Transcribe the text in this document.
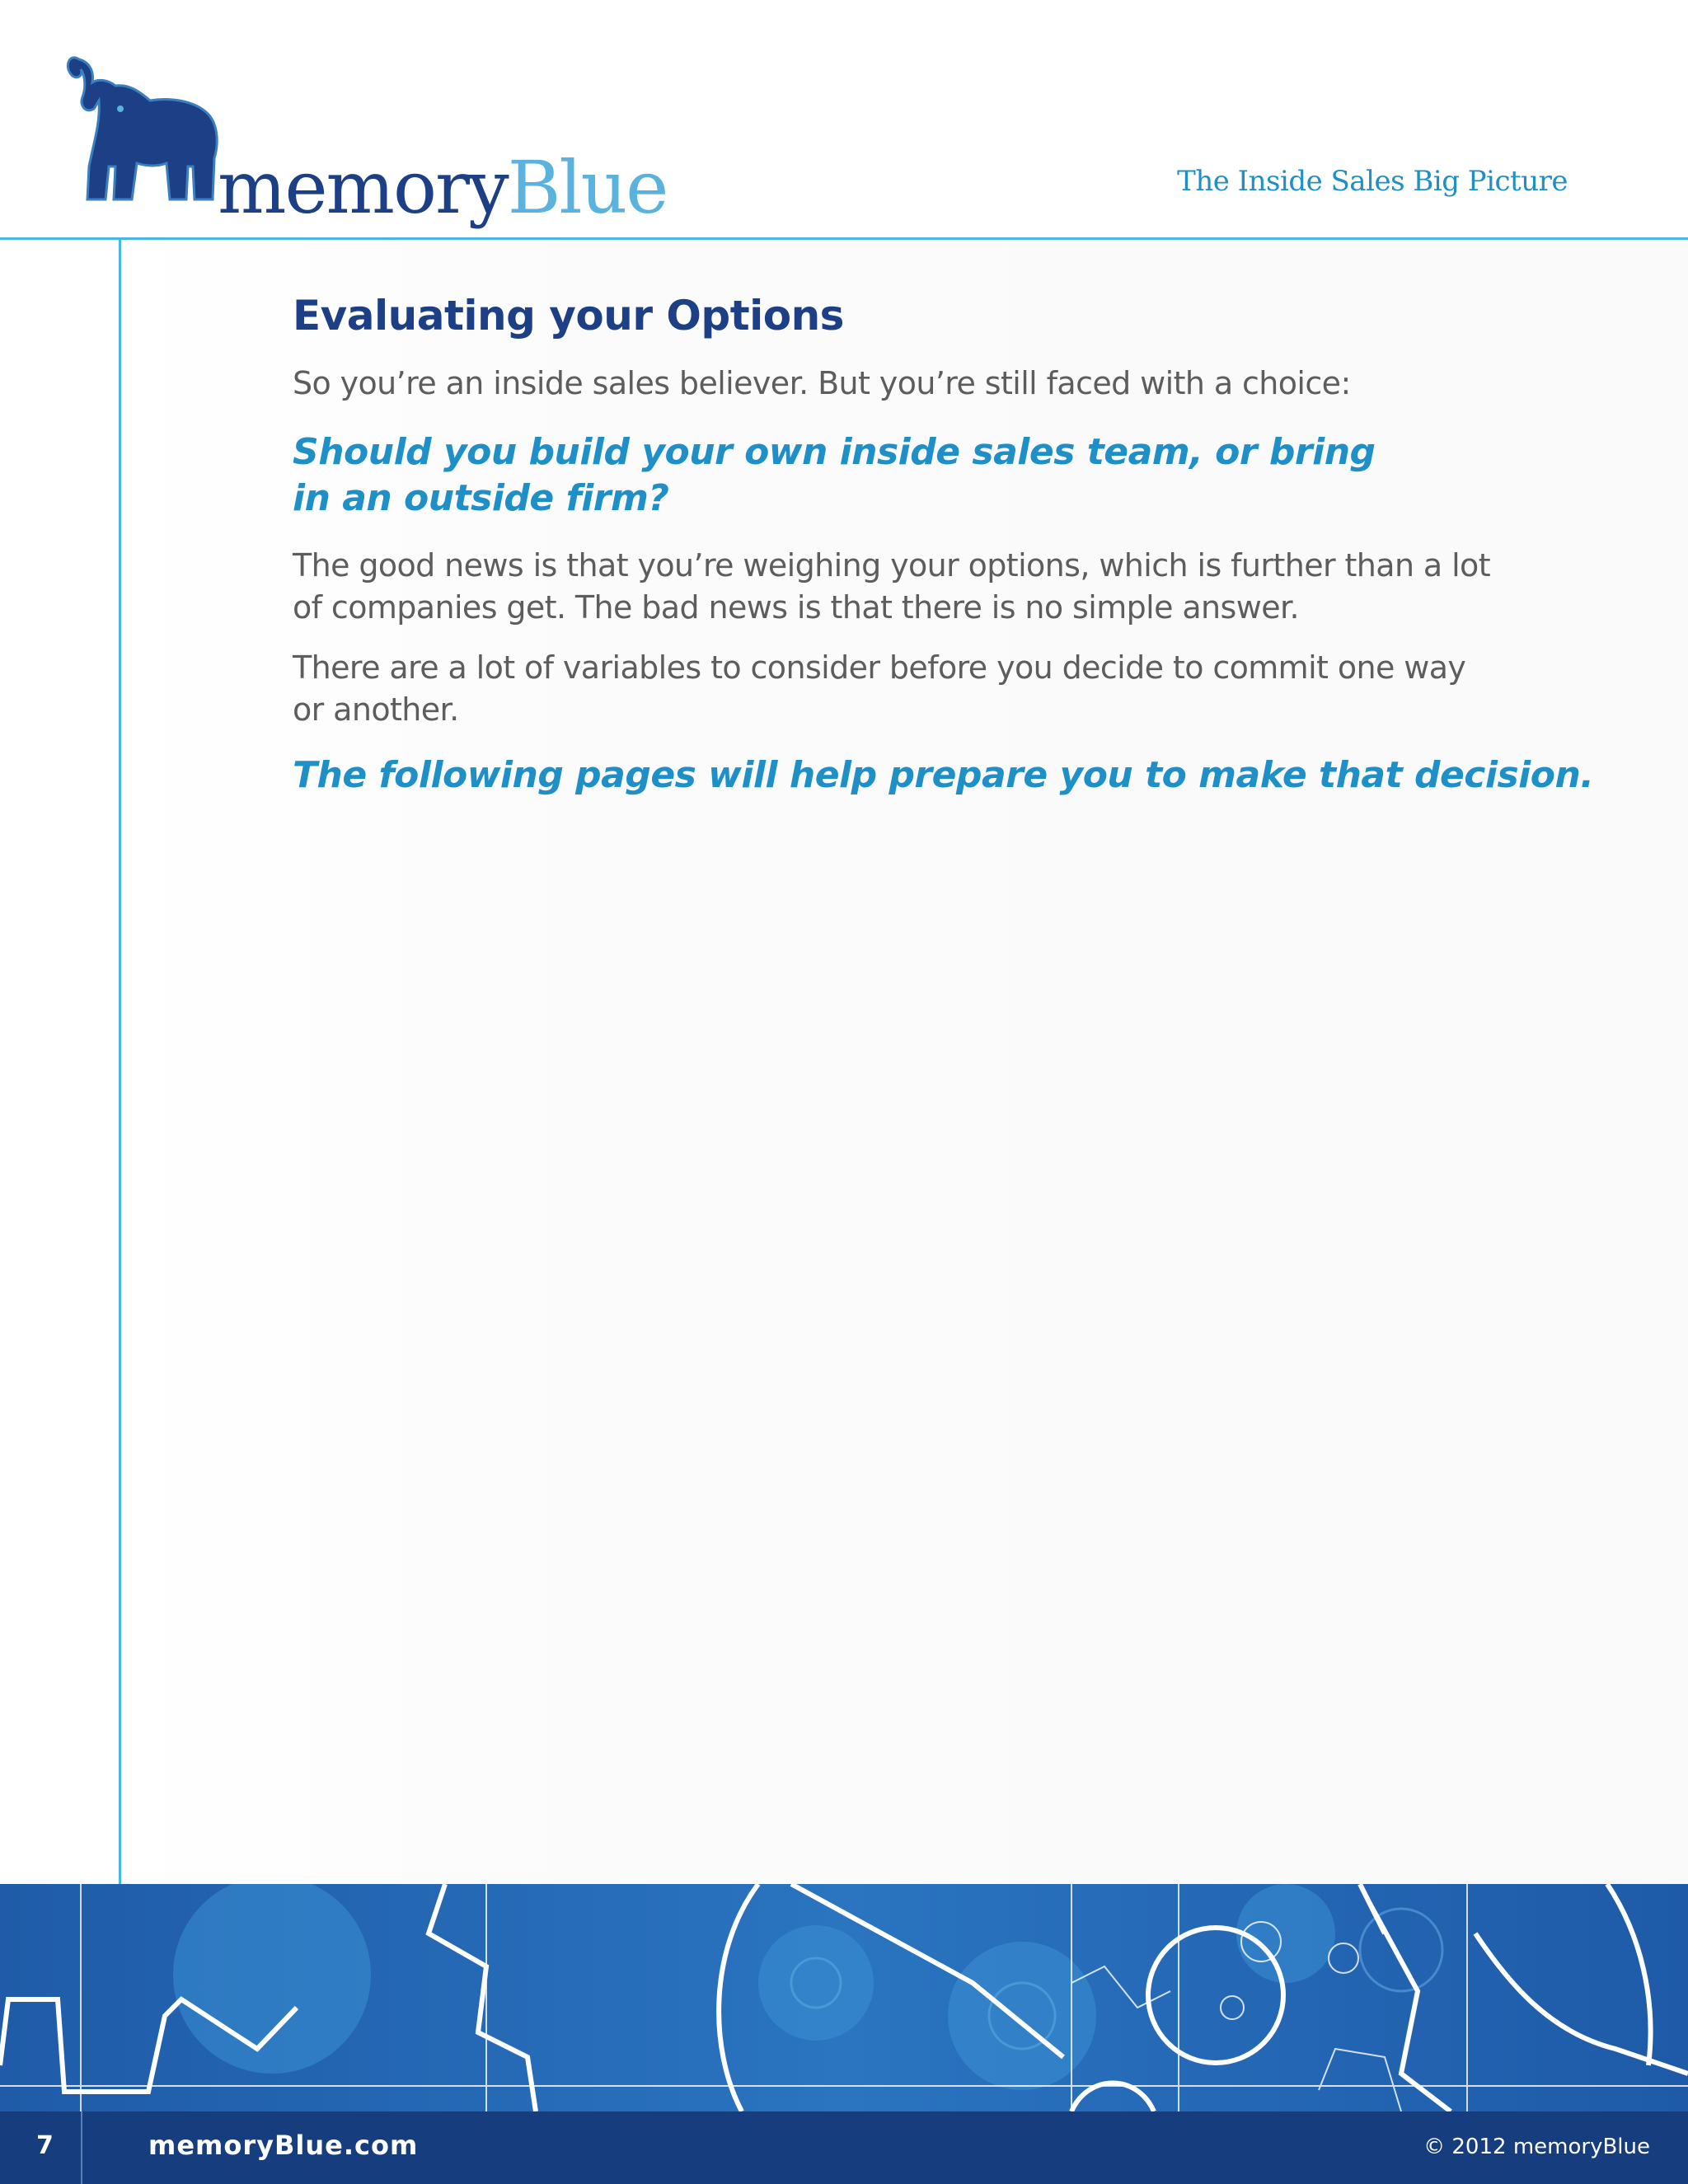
memoryBlue	The Inside Sales Big Picture
Evaluating your Options

So you’re an inside sales believer. But you’re still faced with a choice:

Should you build your own inside sales team, or bring in an outside firm?

The good news is that you’re weighing your options, which is further than a lot of companies get. The bad news is that there is no simple answer.

There are a lot of variables to consider before you decide to commit one way or another.

The following pages will help prepare you to make that decision.

7	memoryBlue.com	© 2012 memoryBlue
